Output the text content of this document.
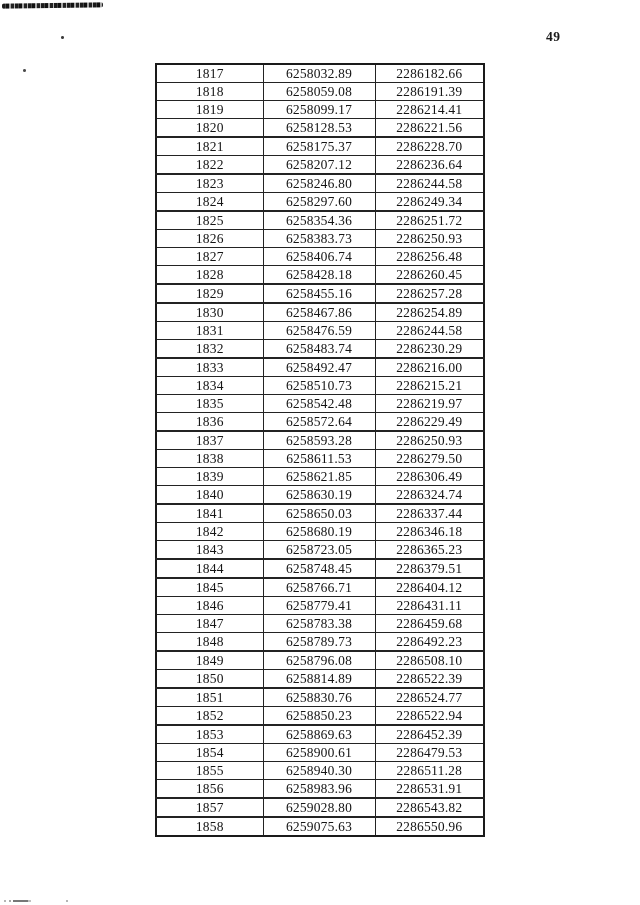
49
1817	6258032.89	2286182.66
1818	6258059.08	2286191.39
1819	6258099.17	2286214.41
1820	6258128.53	2286221.56
1821	6258175.37	2286228.70
1822	6258207.12	2286236.64
1823	6258246.80	2286244.58
1824	6258297.60	2286249.34
1825	6258354.36	2286251.72
1826	6258383.73	2286250.93
1827	6258406.74	2286256.48
1828	6258428.18	2286260.45
1829	6258455.16	2286257.28
1830	6258467.86	2286254.89
1831	6258476.59	2286244.58
1832	6258483.74	2286230.29
1833	6258492.47	2286216.00
1834	6258510.73	2286215.21
1835	6258542.48	2286219.97
1836	6258572.64	2286229.49
1837	6258593.28	2286250.93
1838	6258611.53	2286279.50
1839	6258621.85	2286306.49
1840	6258630.19	2286324.74
1841	6258650.03	2286337.44
1842	6258680.19	2286346.18
1843	6258723.05	2286365.23
1844	6258748.45	2286379.51
1845	6258766.71	2286404.12
1846	6258779.41	2286431.11
1847	6258783.38	2286459.68
1848	6258789.73	2286492.23
1849	6258796.08	2286508.10
1850	6258814.89	2286522.39
1851	6258830.76	2286524.77
1852	6258850.23	2286522.94
1853	6258869.63	2286452.39
1854	6258900.61	2286479.53
1855	6258940.30	2286511.28
1856	6258983.96	2286531.91
1857	6259028.80	2286543.82
1858	6259075.63	2286550.96
